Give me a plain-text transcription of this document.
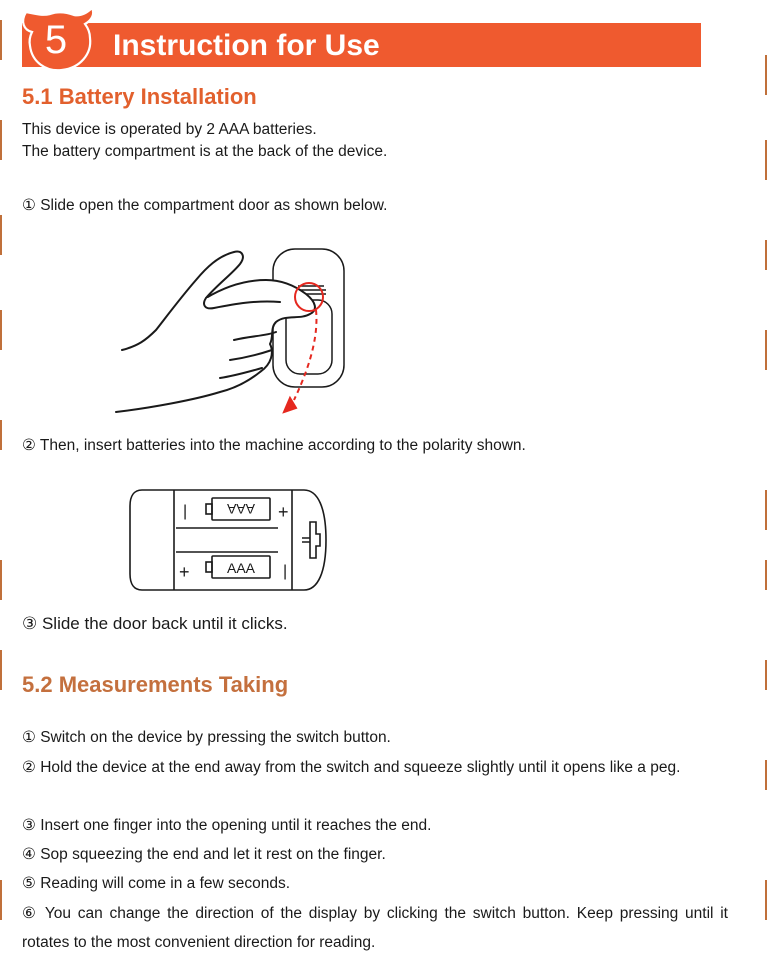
5	Instruction for Use
5.1 Battery Installation
This device is operated by 2 AAA batteries.
The battery compartment is at the back of the device.
① Slide open the compartment door as shown below.
② Then, insert batteries into the machine according to the polarity shown.
AAA
AAA
|	+
+	|
③ Slide the door back until it clicks.
5.2 Measurements Taking
① Switch on the device by pressing the switch button.
② Hold the device at the end away from the switch and squeeze slightly until it opens like a peg.
③ Insert one finger into the opening until it reaches the end.
④ Sop squeezing the end and let it rest on the finger.
⑤ Reading will come in a few seconds.
⑥ You can change the direction of the display by clicking the switch button. Keep pressing until it rotates to the most convenient direction for reading.
